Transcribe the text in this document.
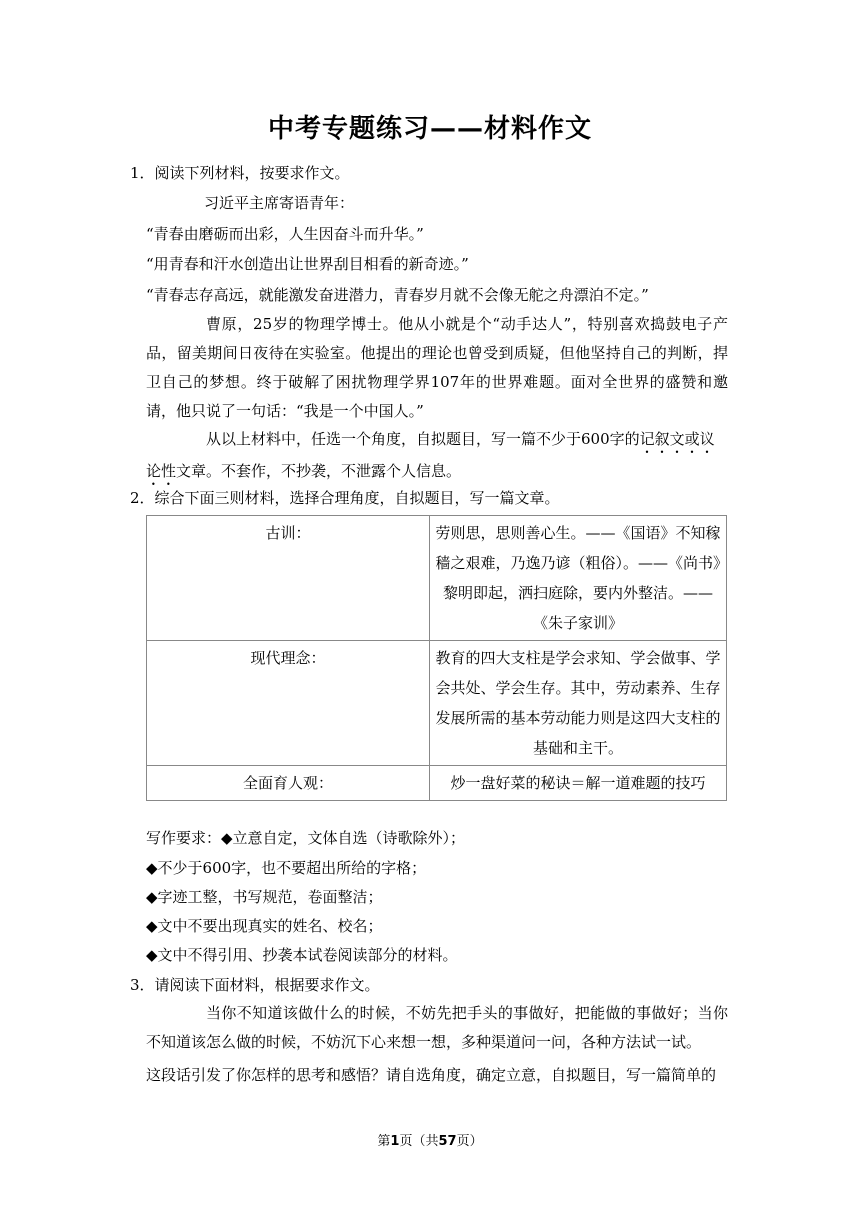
中考专题练习——材料作文
1．阅读下列材料，按要求作文。
习近平主席寄语青年：
“青春由磨砺而出彩，人生因奋斗而升华。”
“用青春和汗水创造出让世界刮目相看的新奇迹。”
“青春志存高远，就能激发奋进潜力，青春岁月就不会像无舵之舟漂泊不定。”
曹原，25岁的物理学博士。他从小就是个“动手达人”，特别喜欢捣鼓电子产品，留美期间日夜待在实验室。他提出的理论也曾受到质疑，但他坚持自己的判断，捍卫自己的梦想。终于破解了困扰物理学界107年的世界难题。面对全世界的盛赞和邀请，他只说了一句话：“我是一个中国人。”
从以上材料中，任选一个角度，自拟题目，写一篇不少于600字的记叙文或议论性文章。不套作，不抄袭，不泄露个人信息。
2．综合下面三则材料，选择合理角度，自拟题目，写一篇文章。
古训：	劳则思，思则善心生。——《国语》不知稼穑之艰难，乃逸乃谚（粗俗）。——《尚书》黎明即起，洒扫庭除，要内外整洁。——《朱子家训》
现代理念：	教育的四大支柱是学会求知、学会做事、学会共处、学会生存。其中，劳动素养、生存发展所需的基本劳动能力则是这四大支柱的基础和主干。
全面育人观：	炒一盘好菜的秘诀＝解一道难题的技巧
写作要求：◆立意自定，文体自选（诗歌除外）；
◆不少于600字，也不要超出所给的字格；
◆字迹工整，书写规范，卷面整洁；
◆文中不要出现真实的姓名、校名；
◆文中不得引用、抄袭本试卷阅读部分的材料。
3．请阅读下面材料，根据要求作文。
当你不知道该做什么的时候，不妨先把手头的事做好，把能做的事做好；当你不知道该怎么做的时候，不妨沉下心来想一想，多种渠道问一问，各种方法试一试。
这段话引发了你怎样的思考和感悟？请自选角度，确定立意，自拟题目，写一篇简单的
第1页（共57页）
